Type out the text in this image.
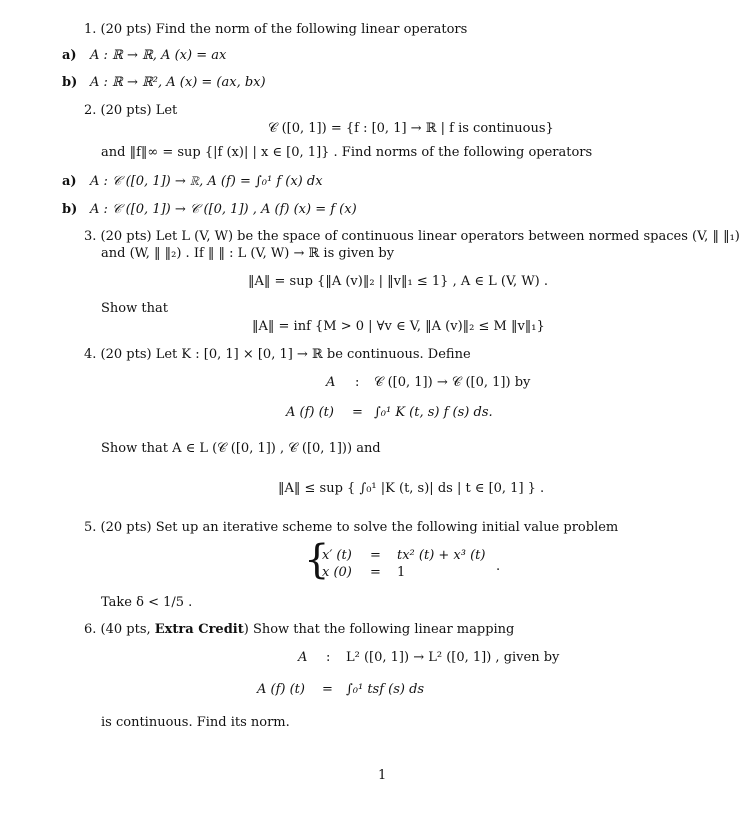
1. (20 pts) Find the norm of the following linear operators
a) A : ℝ → ℝ, A (x) = ax
b) A : ℝ → ℝ², A (x) = (ax, bx)
2. (20 pts) Let
𝒞 ([0, 1]) = {f : [0, 1] → ℝ | f is continuous}
and ‖f‖∞ = sup {|f (x)| | x ∈ [0, 1]} . Find norms of the following operators
a) A : 𝒞 ([0, 1]) → ℝ, A (f) = ∫₀¹ f (x) dx
b) A : 𝒞 ([0, 1]) → 𝒞 ([0, 1]) , A (f) (x) = f (x)
3. (20 pts) Let L (V, W) be the space of continuous linear operators between normed spaces (V, ‖ ‖₁)
and (W, ‖ ‖₂) . If ‖ ‖ : L (V, W) → ℝ is given by
‖A‖ = sup {‖A (v)‖₂ | ‖v‖₁ ≤ 1} , A ∈ L (V, W) .
Show that
‖A‖ = inf {M > 0 | ∀v ∈ V, ‖A (v)‖₂ ≤ M ‖v‖₁}
4. (20 pts) Let K : [0, 1] × [0, 1] → ℝ be continuous. Define
A : 𝒞 ([0, 1]) → 𝒞 ([0, 1]) by
A (f) (t) = ∫₀¹ K (t, s) f (s) ds.
Show that A ∈ L (𝒞 ([0, 1]) , 𝒞 ([0, 1])) and
‖A‖ ≤ sup { ∫₀¹ |K (t, s)| ds | t ∈ [0, 1] } .
5. (20 pts) Set up an iterative scheme to solve the following initial value problem
{
x′ (t) = tx² (t) + x³ (t)
x (0) = 1	.
Take δ < 1/5 .
6. (40 pts, Extra Credit) Show that the following linear mapping
A : L² ([0, 1]) → L² ([0, 1]) , given by
A (f) (t) = ∫₀¹ tsf (s) ds
is continuous. Find its norm.
1
